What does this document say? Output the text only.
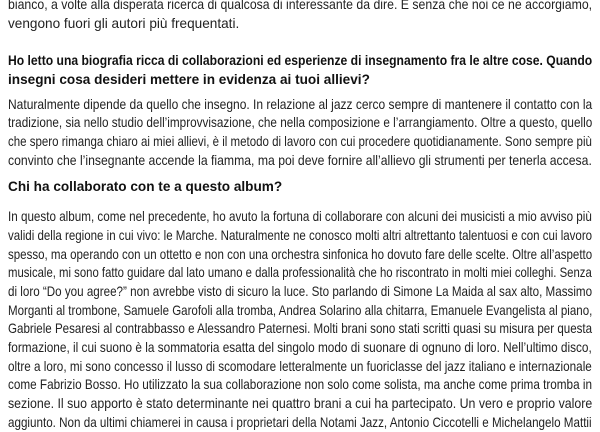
bianco, a volte alla disperata ricerca di qualcosa di interessante da dire. E senza che noi ce ne accorgiamo,
vengono fuori gli autori più frequentati.
Ho letto una biografia ricca di collaborazioni ed esperienze di insegnamento fra le altre cose. Quando
insegni cosa desideri mettere in evidenza ai tuoi allievi?
Naturalmente dipende da quello che insegno. In relazione al jazz cerco sempre di mantenere il contatto con la
tradizione, sia nello studio dell’improvvisazione, che nella composizione e l’arrangiamento. Oltre a questo, quello
che spero rimanga chiaro ai miei allievi, è il metodo di lavoro con cui procedere quotidianamente. Sono sempre più
convinto che l’insegnante accende la fiamma, ma poi deve fornire all’allievo gli strumenti per tenerla accesa.
Chi ha collaborato con te a questo album?
In questo album, come nel precedente, ho avuto la fortuna di collaborare con alcuni dei musicisti a mio avviso più
validi della regione in cui vivo: le Marche. Naturalmente ne conosco molti altri altrettanto talentuosi e con cui lavoro
spesso, ma operando con un ottetto e non con una orchestra sinfonica ho dovuto fare delle scelte. Oltre all’aspetto
musicale, mi sono fatto guidare dal lato umano e dalla professionalità che ho riscontrato in molti miei colleghi. Senza
di loro “Do you agree?” non avrebbe visto di sicuro la luce. Sto parlando di Simone La Maida al sax alto, Massimo
Morganti al trombone, Samuele Garofoli alla tromba, Andrea Solarino alla chitarra, Emanuele Evangelista al piano,
Gabriele Pesaresi al contrabbasso e Alessandro Paternesi. Molti brani sono stati scritti quasi su misura per questa
formazione, il cui suono è la sommatoria esatta del singolo modo di suonare di ognuno di loro. Nell’ultimo disco,
oltre a loro, mi sono concesso il lusso di scomodare letteralmente un fuoriclasse del jazz italiano e internazionale
come Fabrizio Bosso. Ho utilizzato la sua collaborazione non solo come solista, ma anche come prima tromba in
sezione. Il suo apporto è stato determinante nei quattro brani a cui ha partecipato. Un vero e proprio valore
aggiunto. Non da ultimi chiamerei in causa i proprietari della Notami Jazz, Antonio Ciccotelli e Michelangelo Mattii
